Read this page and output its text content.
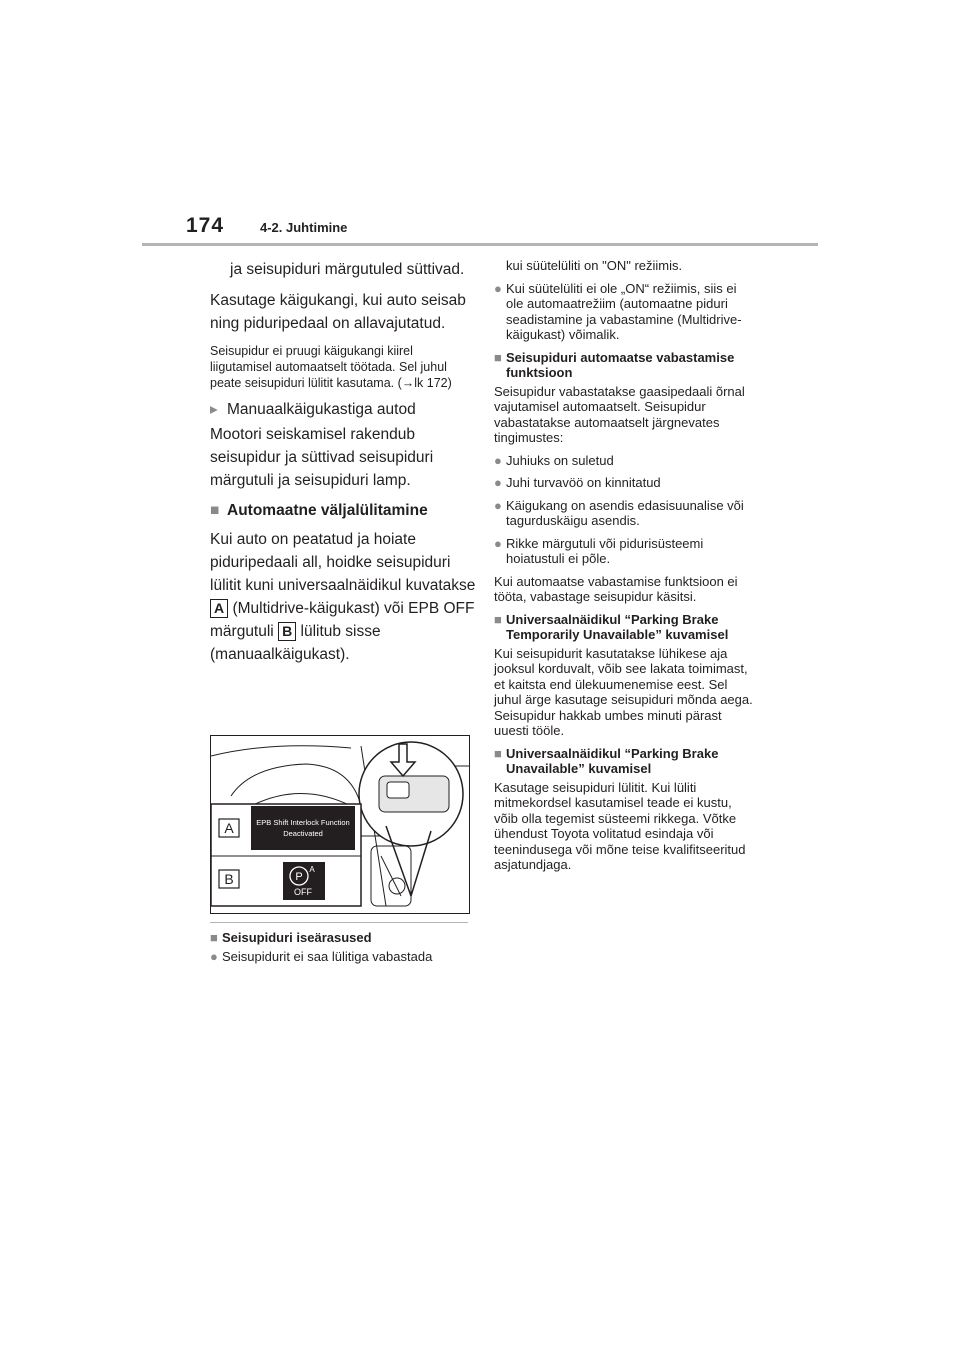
174	4-2. Juhtimine

ja seisupiduri märgutuled süttivad.

Kasutage käigukangi, kui auto seisab ning piduripedaal on allavajutatud.

Seisupidur ei pruugi käigukangi kiirel liigutamisel automaatselt töötada. Sel juhul peate seisupiduri lülitit kasutama. (→lk 172)

▸ Manuaalkäigukastiga autod

Mootori seiskamisel rakendub seisupidur ja süttivad seisupiduri märgutuli ja seisupiduri lamp.

■ Automaatne väljalülitamine

Kui auto on peatatud ja hoiate piduripedaali all, hoidke seisupiduri lülitit kuni universaalnäidikul kuvatakse A (Multidrive-käigukast) või EPB OFF märgutuli B lülitub sisse (manuaalkäigukast).

A
B
EPB Shift Interlock Function
Deactivated
P
A
OFF

■ Seisupiduri iseärasused

● Seisupidurit ei saa lülitiga vabastada

kui süütelüliti on "ON" režiimis.

● Kui süütelüliti ei ole „ON“ režiimis, siis ei ole automaatrežiim (automaatne piduri seadistamine ja vabastamine (Multidrive-käigukast) võimalik.

■ Seisupiduri automaatse vabastamise funktsioon

Seisupidur vabastatakse gaasipedaali õrnal vajutamisel automaatselt. Seisupidur vabastatakse automaatselt järgnevates tingimustes:

● Juhiuks on suletud

● Juhi turvavöö on kinnitatud

● Käigukang on asendis edasisuunalise või tagurduskäigu asendis.

● Rikke märgutuli või pidurisüsteemi hoiatustuli ei põle.

Kui automaatse vabastamise funktsioon ei tööta, vabastage seisupidur käsitsi.

■ Universaalnäidikul “Parking Brake Temporarily Unavailable” kuvamisel

Kui seisupidurit kasutatakse lühikese aja jooksul korduvalt, võib see lakata toimimast, et kaitsta end ülekuumenemise eest. Sel juhul ärge kasutage seisupiduri mõnda aega. Seisupidur hakkab umbes minuti pärast uuesti tööle.

■ Universaalnäidikul “Parking Brake Unavailable” kuvamisel

Kasutage seisupiduri lülitit. Kui lüliti mitmekordsel kasutamisel teade ei kustu, võib olla tegemist süsteemi rikkega. Võtke ühendust Toyota volitatud esindaja või teenindusega või mõne teise kvalifitseeritud asjatundjaga.
